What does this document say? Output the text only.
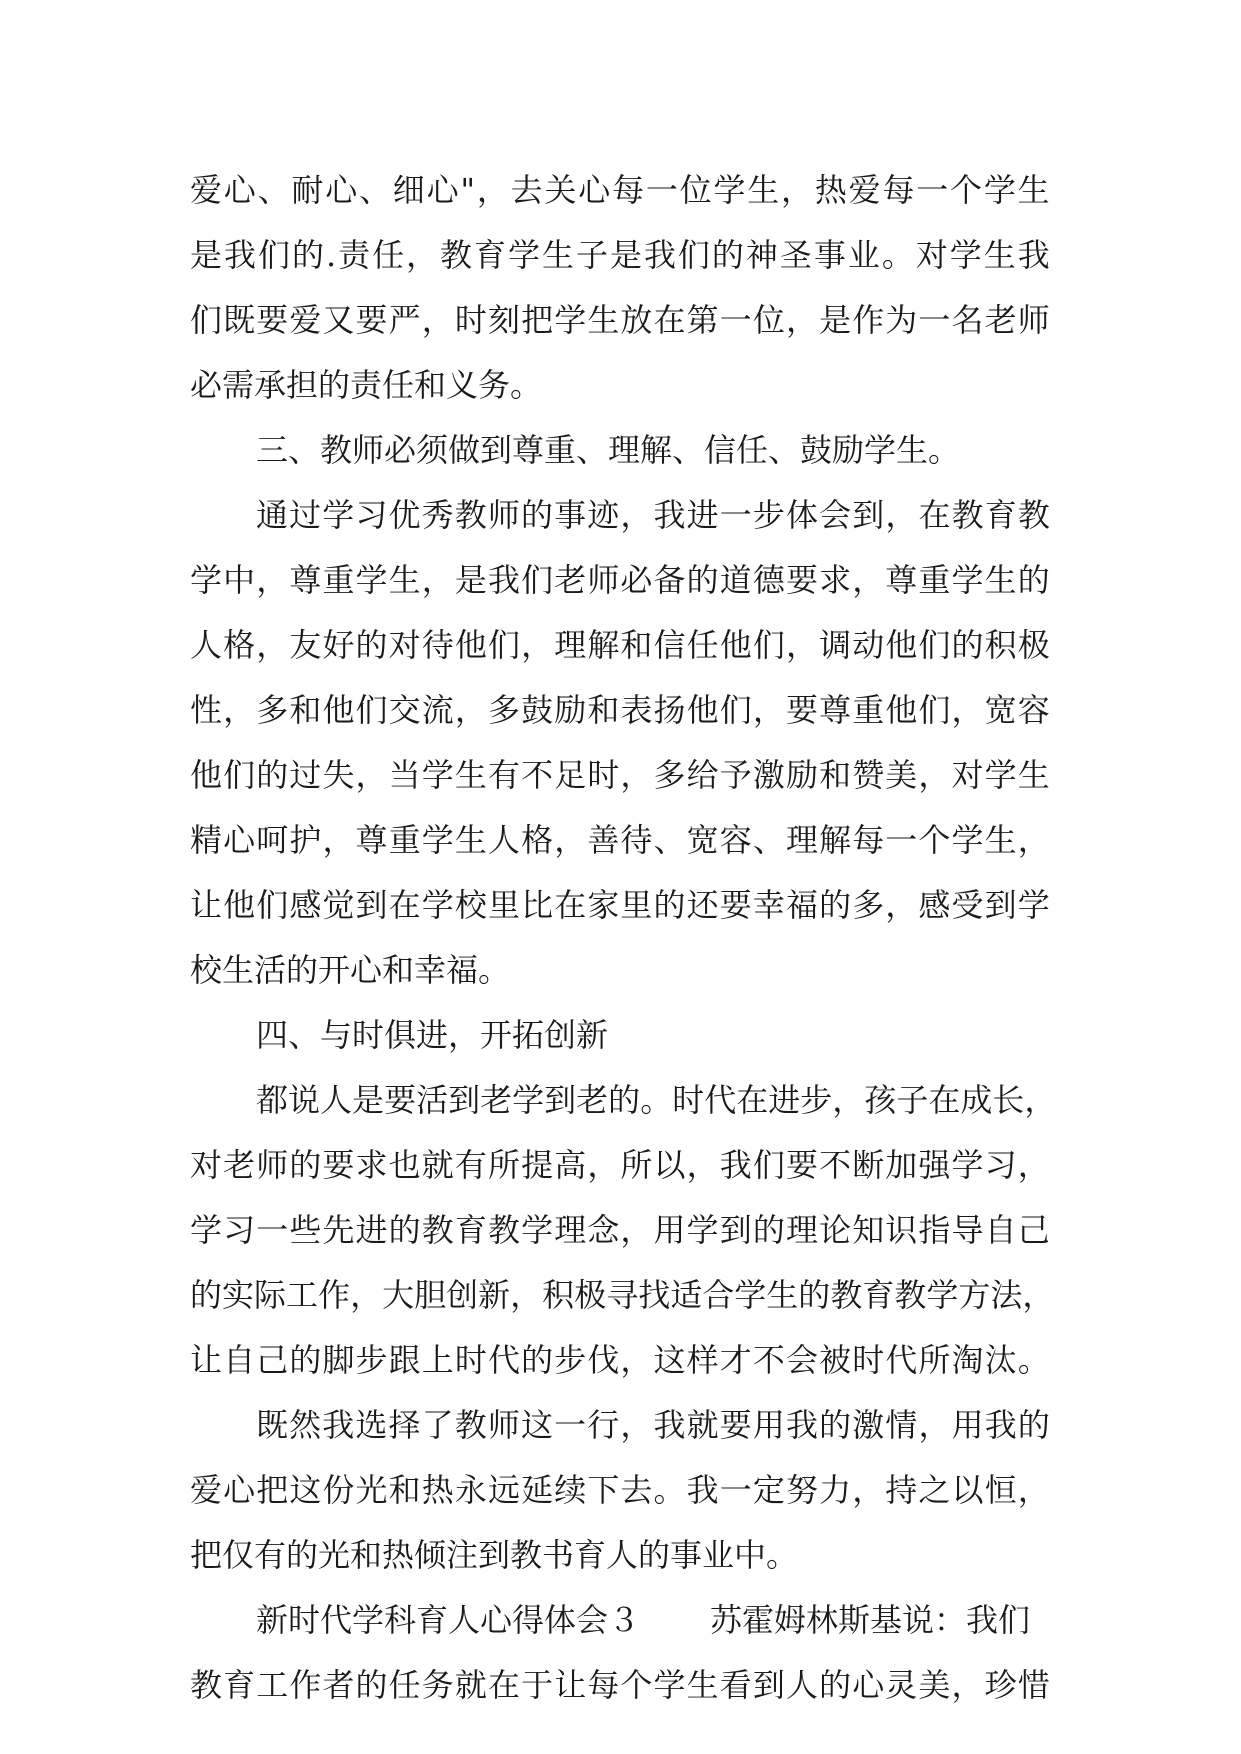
爱 心 、 耐 心 、 细 心 " ， 去 关 心 每 一 位 学 生 ， 热 爱 每 一 个 学 生
是 我 们 的 . 责 任 ， 教 育 学 生 子 是 我 们 的 神 圣 事 业 。 对 学 生 我
们 既 要 爱 又 要 严 ， 时 刻 把 学 生 放 在 第 一 位 ， 是 作 为 一 名 老 师
必需承担的责任和义务。
三、教师必须做到尊重、理解、信任、鼓励学生。
通 过 学 习 优 秀 教 师 的 事 迹 ， 我 进 一 步 体 会 到 ， 在 教 育 教
学 中 ， 尊 重 学 生 ， 是 我 们 老 师 必 备 的 道 德 要 求 ， 尊 重 学 生 的
人 格 ， 友 好 的 对 待 他 们 ， 理 解 和 信 任 他 们 ， 调 动 他 们 的 积 极
性 ， 多 和 他 们 交 流 ， 多 鼓 励 和 表 扬 他 们 ， 要 尊 重 他 们 ， 宽 容
他 们 的 过 失 ， 当 学 生 有 不 足 时 ， 多 给 予 激 励 和 赞 美 ， 对 学 生
精 心 呵 护 ， 尊 重 学 生 人 格 ， 善 待 、 宽 容 、 理 解 每 一 个 学 生 ，
让 他 们 感 觉 到 在 学 校 里 比 在 家 里 的 还 要 幸 福 的 多 ， 感 受 到 学
校生活的开心和幸福。
四、与时俱进，开拓创新
都 说 人 是 要 活 到 老 学 到 老 的 。 时 代 在 进 步 ， 孩 子 在 成 长 ，
对 老 师 的 要 求 也 就 有 所 提 高 ， 所 以 ， 我 们 要 不 断 加 强 学 习 ，
学 习 一 些 先 进 的 教 育 教 学 理 念 ， 用 学 到 的 理 论 知 识 指 导 自 己
的 实 际 工 作 ， 大 胆 创 新 ， 积 极 寻 找 适 合 学 生 的 教 育 教 学 方 法 ，
让 自 己 的 脚 步 跟 上 时 代 的 步 伐 ， 这 样 才 不 会 被 时 代 所 淘 汰 。
既 然 我 选 择 了 教 师 这 一 行 ， 我 就 要 用 我 的 激 情 ， 用 我 的
爱 心 把 这 份 光 和 热 永 远 延 续 下 去 。 我 一 定 努 力 ， 持 之 以 恒 ，
把仅有的光和热倾注到教书育人的事业中。
新时代学科育人心得体会３ 苏霍姆林斯基说：我们
教 育 工 作 者 的 任 务 就 在 于 让 每 个 学 生 看 到 人 的 心 灵 美 ， 珍 惜
